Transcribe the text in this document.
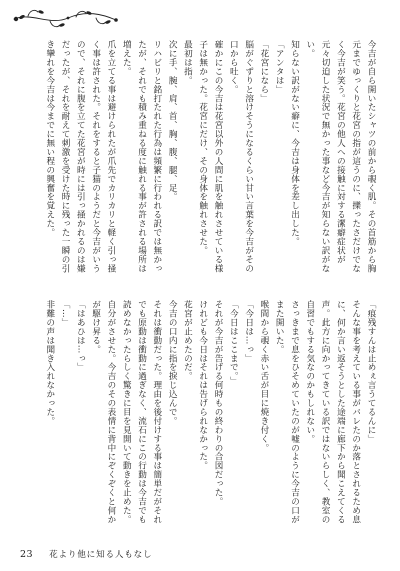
今吉が自ら開いたシャツの前から覗く肌。その首筋から胸元までゆっくりと花宮の指が這うのに、擽ったさだけでなく今吉が笑う。花宮の他人への接触に対する潔癖症状が元々切迫した状況で無かった事など今吉が知らない訳がない。
知らない訳がない癖に、今吉は身体を差し出した。
「アンタは」
「花宮になら」
脳がぐずりと溶けそうになるくらい甘い言葉を今吉がその口から吐く。
確かにこの今吉は花宮以外の人間に肌を触れさせている様子は無かった。花宮にだけ、その身体を触れさせた。
最初は指。
次に手、腕、肩、首、胸、腹、腿、足。
リハビリと銘打たれた行為は頻繁に行われる訳では無かったが、それでも積み重ねる度に触れる事が許される場所は増えた。
爪を立てる事は避けられたが爪先でカリカリと軽く引っ掻く事は許された。それをすると子猫のようだと今吉がいうので、それに腹を立てた花宮が時には引っ掻かれるのは嫌だったが、それを耐えて刺激を受けた時に残った一瞬の引き攣れを今吉は今までに無い程の興奮を覚えた。
「痕残すんは止めぇ言うてるんに」
そんな事を考えている事がバレたのか落とされるため息に、何か言い返そうとした途端に廊下から聞こえてくる声。此方に向かってきている訳ではないらしく、教室の自習でもする気なのかもしれない。
さっきまで息をひそめていたのが嘘のように今吉の口がまた開いた。
喉間から覗く赤い舌が目に焼き付く。
「今日は…っ」
「今日はここまで。」
それが今吉が告げる何時もの終わりの合図だった。
けれども今日はそれは告げられなかった。
花宮が止めたのだ。
今吉の口内に指を捩じ込んで。
それは衝動だった。理由を後付けする事は簡単だがそれでも原動は衝動に過ぎなく、流石にこの行動は今吉でも読めなかったらしく驚きに目を見開いて動きを止めた。
自分がさせた。今吉のその表情に背中にぞくぞくと何かが駆け昇る。
「はあひは…っ」
「…」
非難の声は聞き入れなかった。
23 花より他に知る人もなし
